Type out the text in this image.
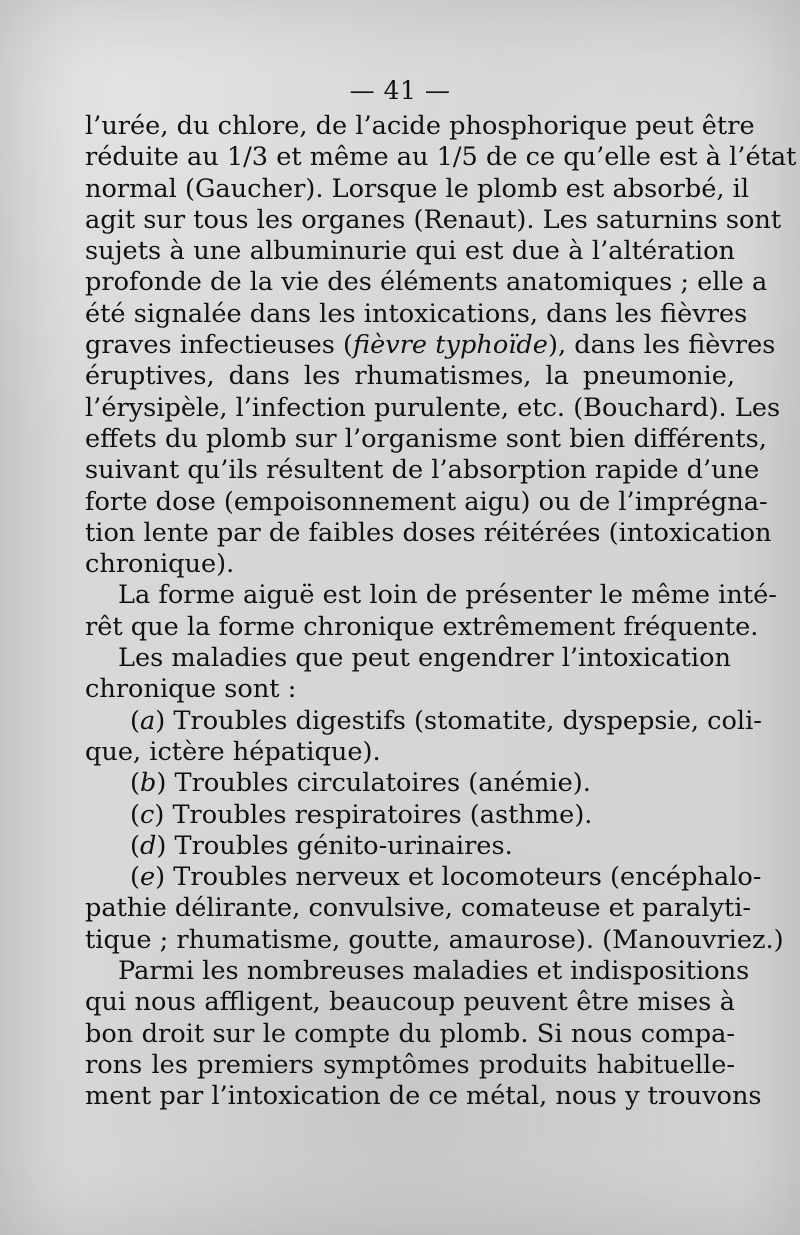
— 41 —
l’urée, du chlore, de l’acide phosphorique peut être
réduite au 1/3 et même au 1/5 de ce qu’elle est à l’état
normal (Gaucher). Lorsque le plomb est absorbé, il
agit sur tous les organes (Renaut). Les saturnins sont
sujets à une albuminurie qui est due à l’altération
profonde de la vie des éléments anatomiques ; elle a
été signalée dans les intoxications, dans les fièvres
graves infectieuses (fièvre typhoïde), dans les fièvres
éruptives, dans les rhumatismes, la pneumonie,
l’érysipèle, l’infection purulente, etc. (Bouchard). Les
effets du plomb sur l’organisme sont bien différents,
suivant qu’ils résultent de l’absorption rapide d’une
forte dose (empoisonnement aigu) ou de l’imprégna-
tion lente par de faibles doses réitérées (intoxication
chronique).
La forme aiguë est loin de présenter le même inté-
rêt que la forme chronique extrêmement fréquente.
Les maladies que peut engendrer l’intoxication
chronique sont :
(a) Troubles digestifs (stomatite, dyspepsie, coli-
que, ictère hépatique).
(b) Troubles circulatoires (anémie).
(c) Troubles respiratoires (asthme).
(d) Troubles génito-urinaires.
(e) Troubles nerveux et locomoteurs (encéphalo-
pathie délirante, convulsive, comateuse et paralyti-
tique ; rhumatisme, goutte, amaurose). (Manouvriez.)
Parmi les nombreuses maladies et indispositions
qui nous affligent, beaucoup peuvent être mises à
bon droit sur le compte du plomb. Si nous compa-
rons les premiers symptômes produits habituelle-
ment par l’intoxication de ce métal, nous y trouvons
